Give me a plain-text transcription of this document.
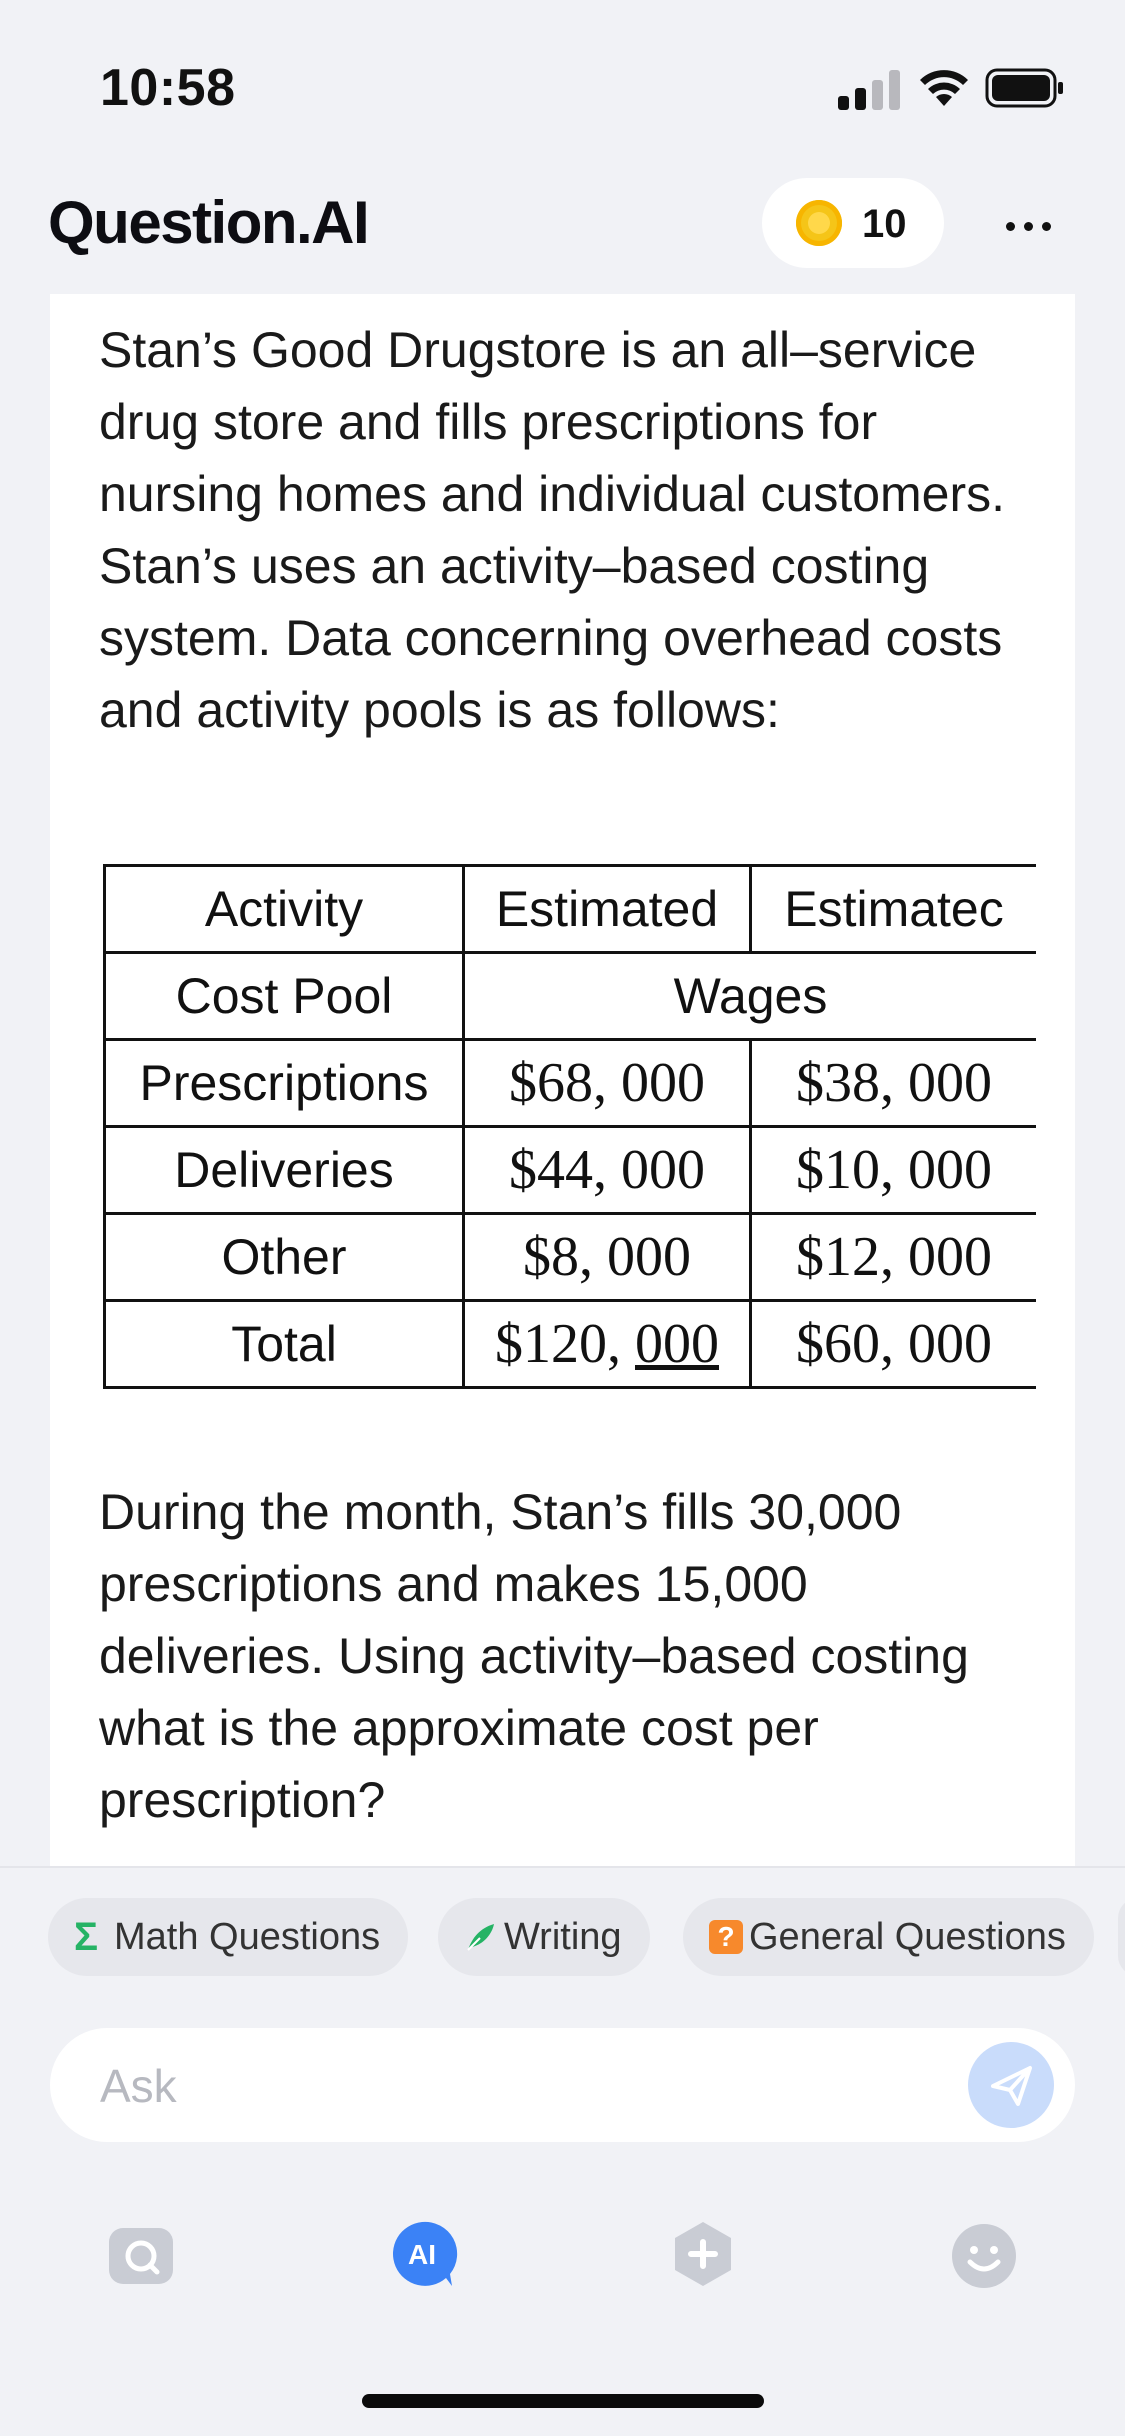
10:58
Question.AI	10

Stan’s Good Drugstore is an all–service drug store and fills prescriptions for nursing homes and individual customers. Stan’s uses an activity–based costing system. Data concerning overhead costs and activity pools is as follows:

Activity	Estimated	Estimatec
Cost Pool	Wages	
Prescriptions	$68, 000	$38, 000
Deliveries	$44, 000	$10, 000
Other	$8, 000	$12, 000
Total	$120, 000	$60, 000

During the month, Stan’s fills 30,000 prescriptions and makes 15,000 deliveries. Using activity–based costing what is the approximate cost per prescription?

Σ Math Questions	Writing	? General Questions
Ask
AI
